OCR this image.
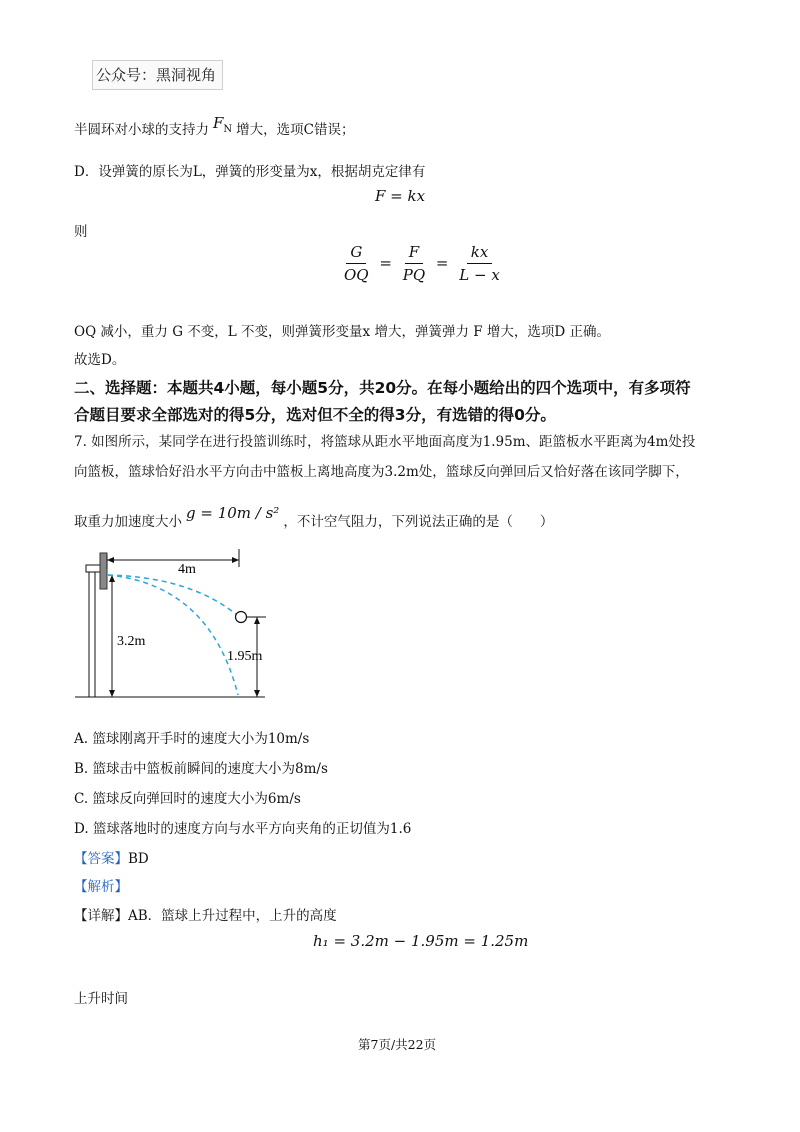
公众号：黑洞视角
半圆环对小球的支持力 FN 增大，选项C错误；
D．设弹簧的原长为L，弹簧的形变量为x，根据胡克定律有
F = kx
则
$\frac{G}{OQ} = \frac{F}{PQ} = \frac{kx}{L - x}$
OQ 减小，重力 G 不变，L 不变，则弹簧形变量x 增大，弹簧弹力 F 增大，选项D 正确。
故选D。
二、选择题：本题共4小题，每小题5分，共20分。在每小题给出的四个选项中，有多项符
合题目要求全部选对的得5分，选对但不全的得3分，有选错的得0分。
7. 如图所示，某同学在进行投篮训练时，将篮球从距水平地面高度为1.95m、距篮板水平距离为4m处投
向篮板，篮球恰好沿水平方向击中篮板上离地高度为3.2m处，篮球反向弹回后又恰好落在该同学脚下，
取重力加速度大小 g = 10m / s² ，不计空气阻力，下列说法正确的是（　　）
4m
3.2m
1.95m
A. 篮球刚离开手时的速度大小为10m/s
B. 篮球击中篮板前瞬间的速度大小为8m/s
C. 篮球反向弹回时的速度大小为6m/s
D. 篮球落地时的速度方向与水平方向夹角的正切值为1.6
【答案】BD
【解析】
【详解】AB．篮球上升过程中，上升的高度
h₁ = 3.2m − 1.95m = 1.25m
上升时间
第7页/共22页
